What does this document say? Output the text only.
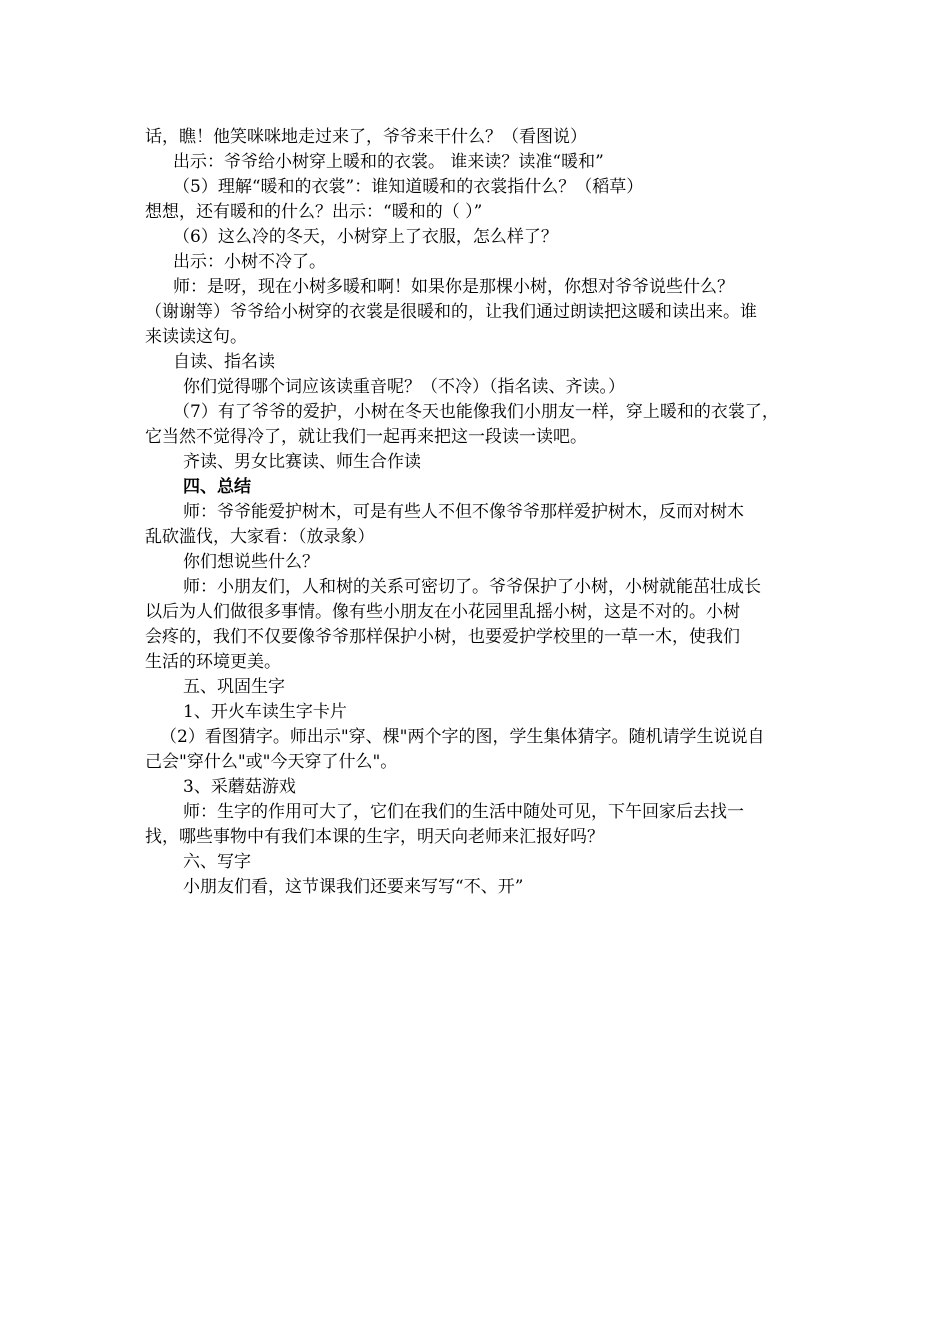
话，瞧！他笑咪咪地走过来了，爷爷来干什么？（看图说）
出示：爷爷给小树穿上暖和的衣裳。 谁来读？读准“暖和”
（5）理解“暖和的衣裳”：谁知道暖和的衣裳指什么？（稻草）
想想，还有暖和的什么？出示：“暖和的（ ）”
（6）这么冷的冬天，小树穿上了衣服，怎么样了？
出示：小树不冷了。
师：是呀，现在小树多暖和啊！如果你是那棵小树，你想对爷爷说些什么？
（谢谢等）爷爷给小树穿的衣裳是很暖和的，让我们通过朗读把这暖和读出来。谁
来读读这句。
自读、指名读
你们觉得哪个词应该读重音呢？（不冷）（指名读、齐读。）
（7）有了爷爷的爱护，小树在冬天也能像我们小朋友一样，穿上暖和的衣裳了，
它当然不觉得冷了，就让我们一起再来把这一段读一读吧。
齐读、男女比赛读、师生合作读
四、总结
师：爷爷能爱护树木，可是有些人不但不像爷爷那样爱护树木，反而对树木
乱砍滥伐，大家看：（放录象）
你们想说些什么？
师：小朋友们，人和树的关系可密切了。爷爷保护了小树，小树就能茁壮成长
以后为人们做很多事情。像有些小朋友在小花园里乱摇小树，这是不对的。小树
会疼的，我们不仅要像爷爷那样保护小树，也要爱护学校里的一草一木，使我们
生活的环境更美。
五、巩固生字
1、开火车读生字卡片
（2）看图猜字。师出示"穿、棵"两个字的图，学生集体猜字。随机请学生说说自
己会"穿什么"或"今天穿了什么"。
3、采蘑菇游戏
师：生字的作用可大了，它们在我们的生活中随处可见，下午回家后去找一
找，哪些事物中有我们本课的生字，明天向老师来汇报好吗？
六、写字
小朋友们看，这节课我们还要来写写“不、开”
